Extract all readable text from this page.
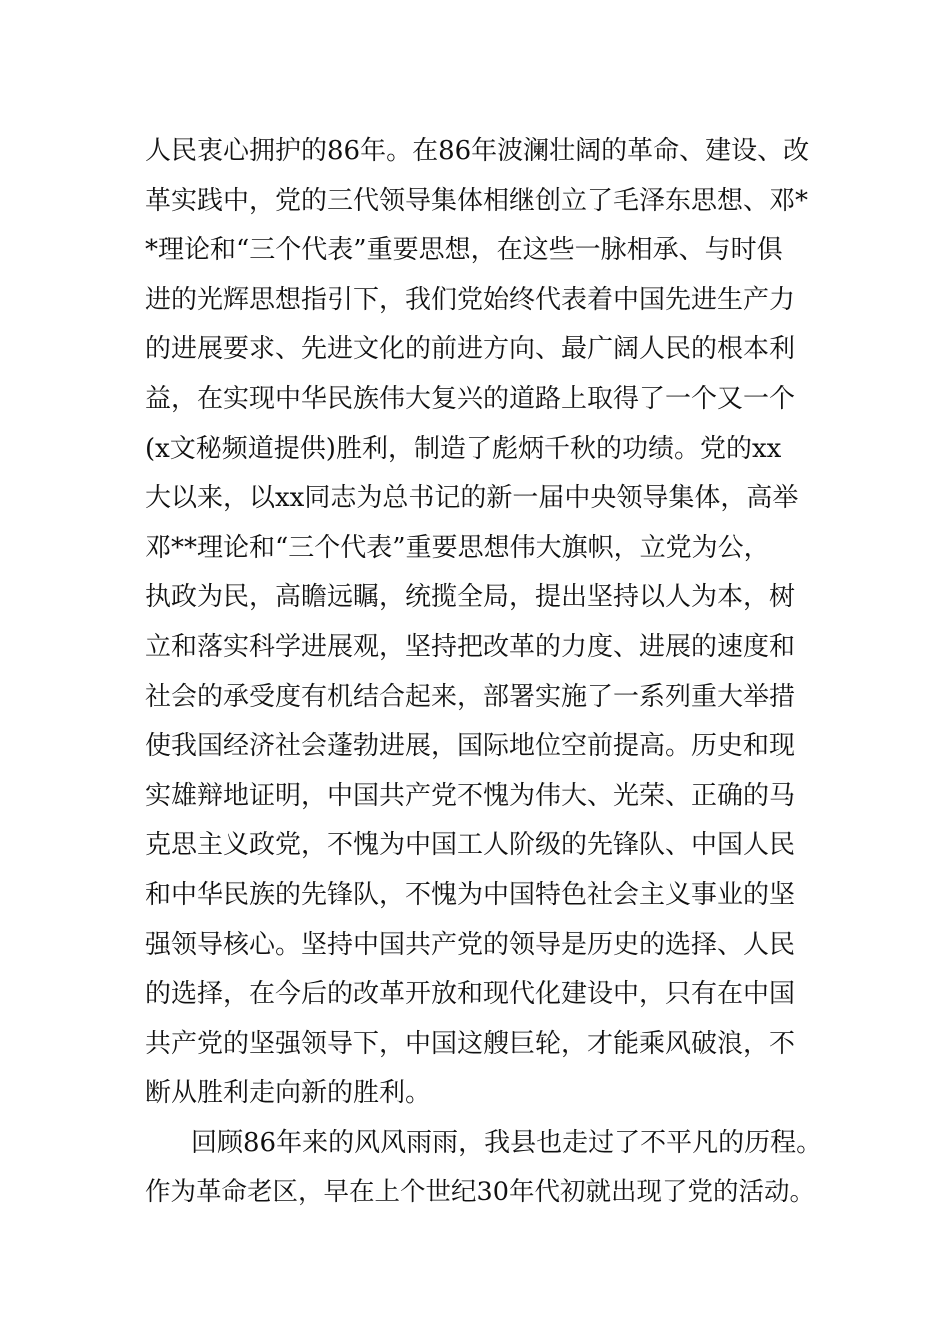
人民衷心拥护的86年。在86年波澜壮阔的革命、建设、改
革实践中，党的三代领导集体相继创立了毛泽东思想、邓*
*理论和“三个代表”重要思想，在这些一脉相承、与时俱
进的光辉思想指引下，我们党始终代表着中国先进生产力
的进展要求、先进文化的前进方向、最广阔人民的根本利
益，在实现中华民族伟大复兴的道路上取得了一个又一个
(x文秘频道提供)胜利，制造了彪炳千秋的功绩。党的xx
大以来，以xx同志为总书记的新一届中央领导集体，高举
邓**理论和“三个代表”重要思想伟大旗帜，立党为公，
执政为民，高瞻远瞩，统揽全局，提出坚持以人为本，树
立和落实科学进展观，坚持把改革的力度、进展的速度和
社会的承受度有机结合起来，部署实施了一系列重大举措
使我国经济社会蓬勃进展，国际地位空前提高。历史和现
实雄辩地证明，中国共产党不愧为伟大、光荣、正确的马
克思主义政党，不愧为中国工人阶级的先锋队、中国人民
和中华民族的先锋队，不愧为中国特色社会主义事业的坚
强领导核心。坚持中国共产党的领导是历史的选择、人民
的选择，在今后的改革开放和现代化建设中，只有在中国
共产党的坚强领导下，中国这艘巨轮，才能乘风破浪，不
断从胜利走向新的胜利。
回顾86年来的风风雨雨，我县也走过了不平凡的历程。
作为革命老区，早在上个世纪30年代初就出现了党的活动。
